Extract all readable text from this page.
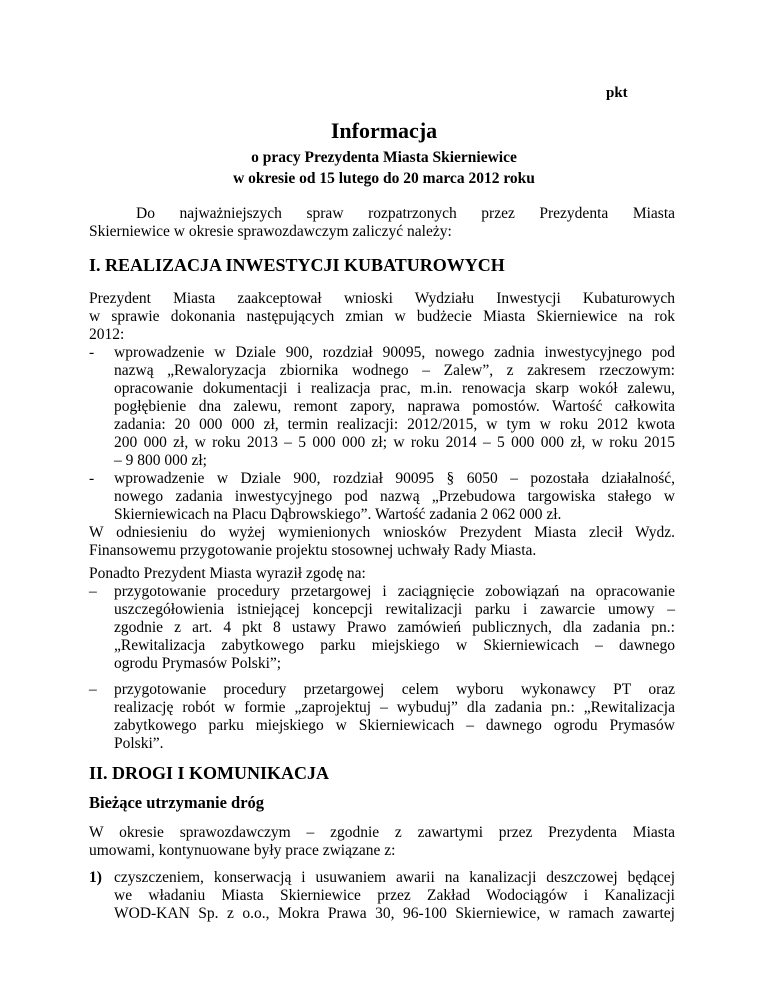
pkt
Informacja
o pracy Prezydenta Miasta Skierniewice
w okresie od 15 lutego do 20 marca 2012 roku
Do najważniejszych spraw rozpatrzonych przez Prezydenta Miasta
Skierniewice w okresie sprawozdawczym zaliczyć należy:
I. REALIZACJA INWESTYCJI KUBATUROWYCH
Prezydent Miasta zaakceptował wnioski Wydziału Inwestycji Kubaturowych
w sprawie dokonania następujących zmian w budżecie Miasta Skierniewice na rok
2012:
- wprowadzenie w Dziale 900, rozdział 90095, nowego zadnia inwestycyjnego pod
nazwą „Rewaloryzacja zbiornika wodnego – Zalew”, z zakresem rzeczowym:
opracowanie dokumentacji i realizacja prac, m.in. renowacja skarp wokół zalewu,
pogłębienie dna zalewu, remont zapory, naprawa pomostów. Wartość całkowita
zadania: 20 000 000 zł, termin realizacji: 2012/2015, w tym w roku 2012 kwota
200 000 zł, w roku 2013 – 5 000 000 zł; w roku 2014 – 5 000 000 zł, w roku 2015
– 9 800 000 zł;
- wprowadzenie w Dziale 900, rozdział 90095 § 6050 – pozostała działalność,
nowego zadania inwestycyjnego pod nazwą „Przebudowa targowiska stałego w
Skierniewicach na Placu Dąbrowskiego”. Wartość zadania 2 062 000 zł.
W odniesieniu do wyżej wymienionych wniosków Prezydent Miasta zlecił Wydz.
Finansowemu przygotowanie projektu stosownej uchwały Rady Miasta.
Ponadto Prezydent Miasta wyraził zgodę na:
– przygotowanie procedury przetargowej i zaciągnięcie zobowiązań na opracowanie
uszczegółowienia istniejącej koncepcji rewitalizacji parku i zawarcie umowy –
zgodnie z art. 4 pkt 8 ustawy Prawo zamówień publicznych, dla zadania pn.:
„Rewitalizacja zabytkowego parku miejskiego w Skierniewicach – dawnego
ogrodu Prymasów Polski”;
– przygotowanie procedury przetargowej celem wyboru wykonawcy PT oraz
realizację robót w formie „zaprojektuj – wybuduj” dla zadania pn.: „Rewitalizacja
zabytkowego parku miejskiego w Skierniewicach – dawnego ogrodu Prymasów
Polski”.
II. DROGI I KOMUNIKACJA
Bieżące utrzymanie dróg
W okresie sprawozdawczym – zgodnie z zawartymi przez Prezydenta Miasta
umowami, kontynuowane były prace związane z:
1) czyszczeniem, konserwacją i usuwaniem awarii na kanalizacji deszczowej będącej
we władaniu Miasta Skierniewice przez Zakład Wodociągów i Kanalizacji
WOD-KAN Sp. z o.o., Mokra Prawa 30, 96-100 Skierniewice, w ramach zawartej
